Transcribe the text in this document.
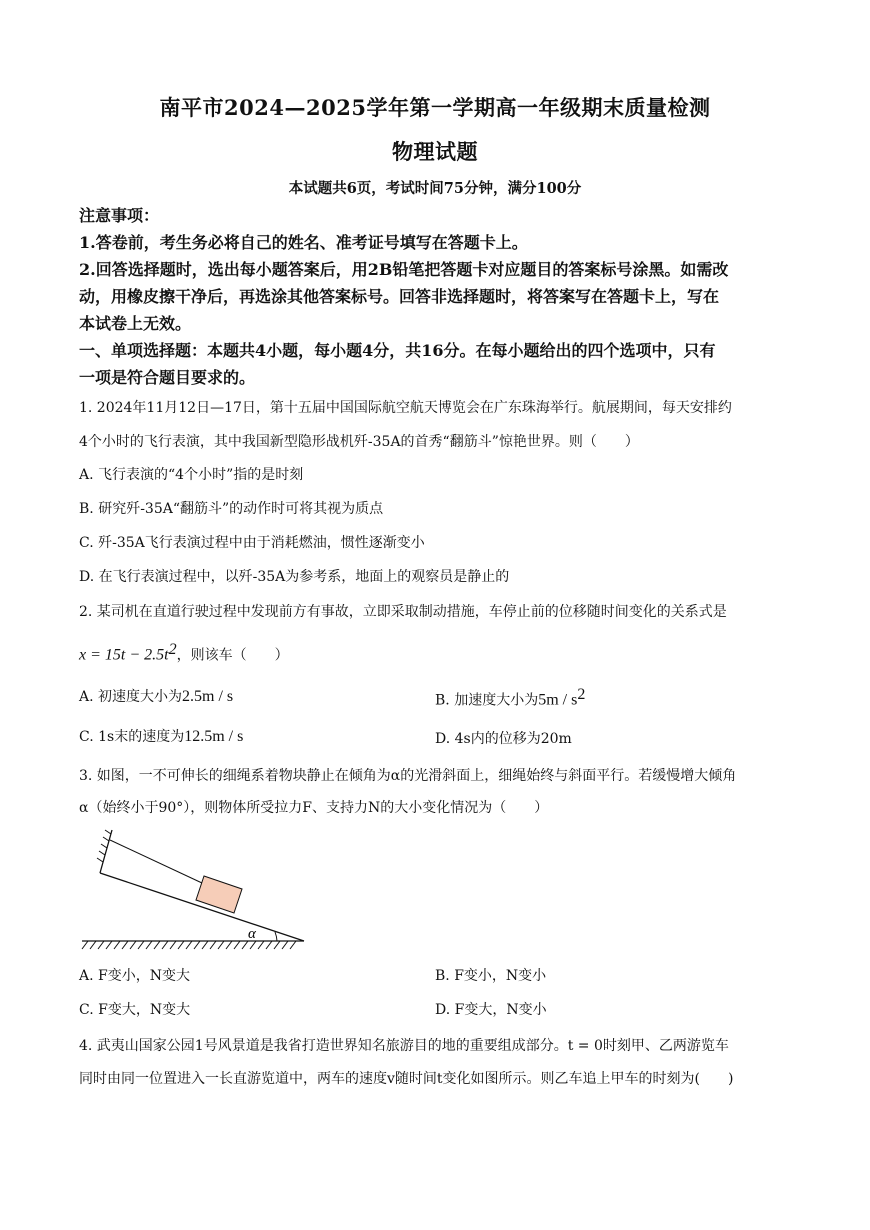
南平市2024—2025学年第一学期高一年级期末质量检测
物理试题
本试题共6页，考试时间75分钟，满分100分
注意事项：
1.答卷前，考生务必将自己的姓名、准考证号填写在答题卡上。
2.回答选择题时，选出每小题答案后，用2B铅笔把答题卡对应题目的答案标号涂黑。如需改
动，用橡皮擦干净后，再选涂其他答案标号。回答非选择题时，将答案写在答题卡上，写在
本试卷上无效。
一、单项选择题：本题共4小题，每小题4分，共16分。在每小题给出的四个选项中，只有
一项是符合题目要求的。
1. 2024年11月12日—17日，第十五届中国国际航空航天博览会在广东珠海举行。航展期间，每天安排约
4个小时的飞行表演，其中我国新型隐形战机歼-35A的首秀“翻筋斗”惊艳世界。则（　　）
A. 飞行表演的“4个小时”指的是时刻
B. 研究歼-35A“翻筋斗”的动作时可将其视为质点
C. 歼-35A飞行表演过程中由于消耗燃油，惯性逐渐变小
D. 在飞行表演过程中，以歼-35A为参考系，地面上的观察员是静止的
2. 某司机在直道行驶过程中发现前方有事故，立即采取制动措施，车停止前的位移随时间变化的关系式是
$x = 15t - 2.5t^2$，则该车（　　）
A. 初速度大小为2.5m / s	B. 加速度大小为$5m / s^2$
C. 1s末的速度为12.5m / s	D. 4s内的位移为20m
3. 如图，一不可伸长的细绳系着物块静止在倾角为α的光滑斜面上，细绳始终与斜面平行。若缓慢增大倾角
α（始终小于90°），则物体所受拉力F、支持力N的大小变化情况为（　　）
α
A. F变小，N变大	B. F变小，N变小
C. F变大，N变大	D. F变大，N变小
4. 武夷山国家公园1号风景道是我省打造世界知名旅游目的地的重要组成部分。t = 0时刻甲、乙两游览车
同时由同一位置进入一长直游览道中，两车的速度v随时间t变化如图所示。则乙车追上甲车的时刻为(　　)
